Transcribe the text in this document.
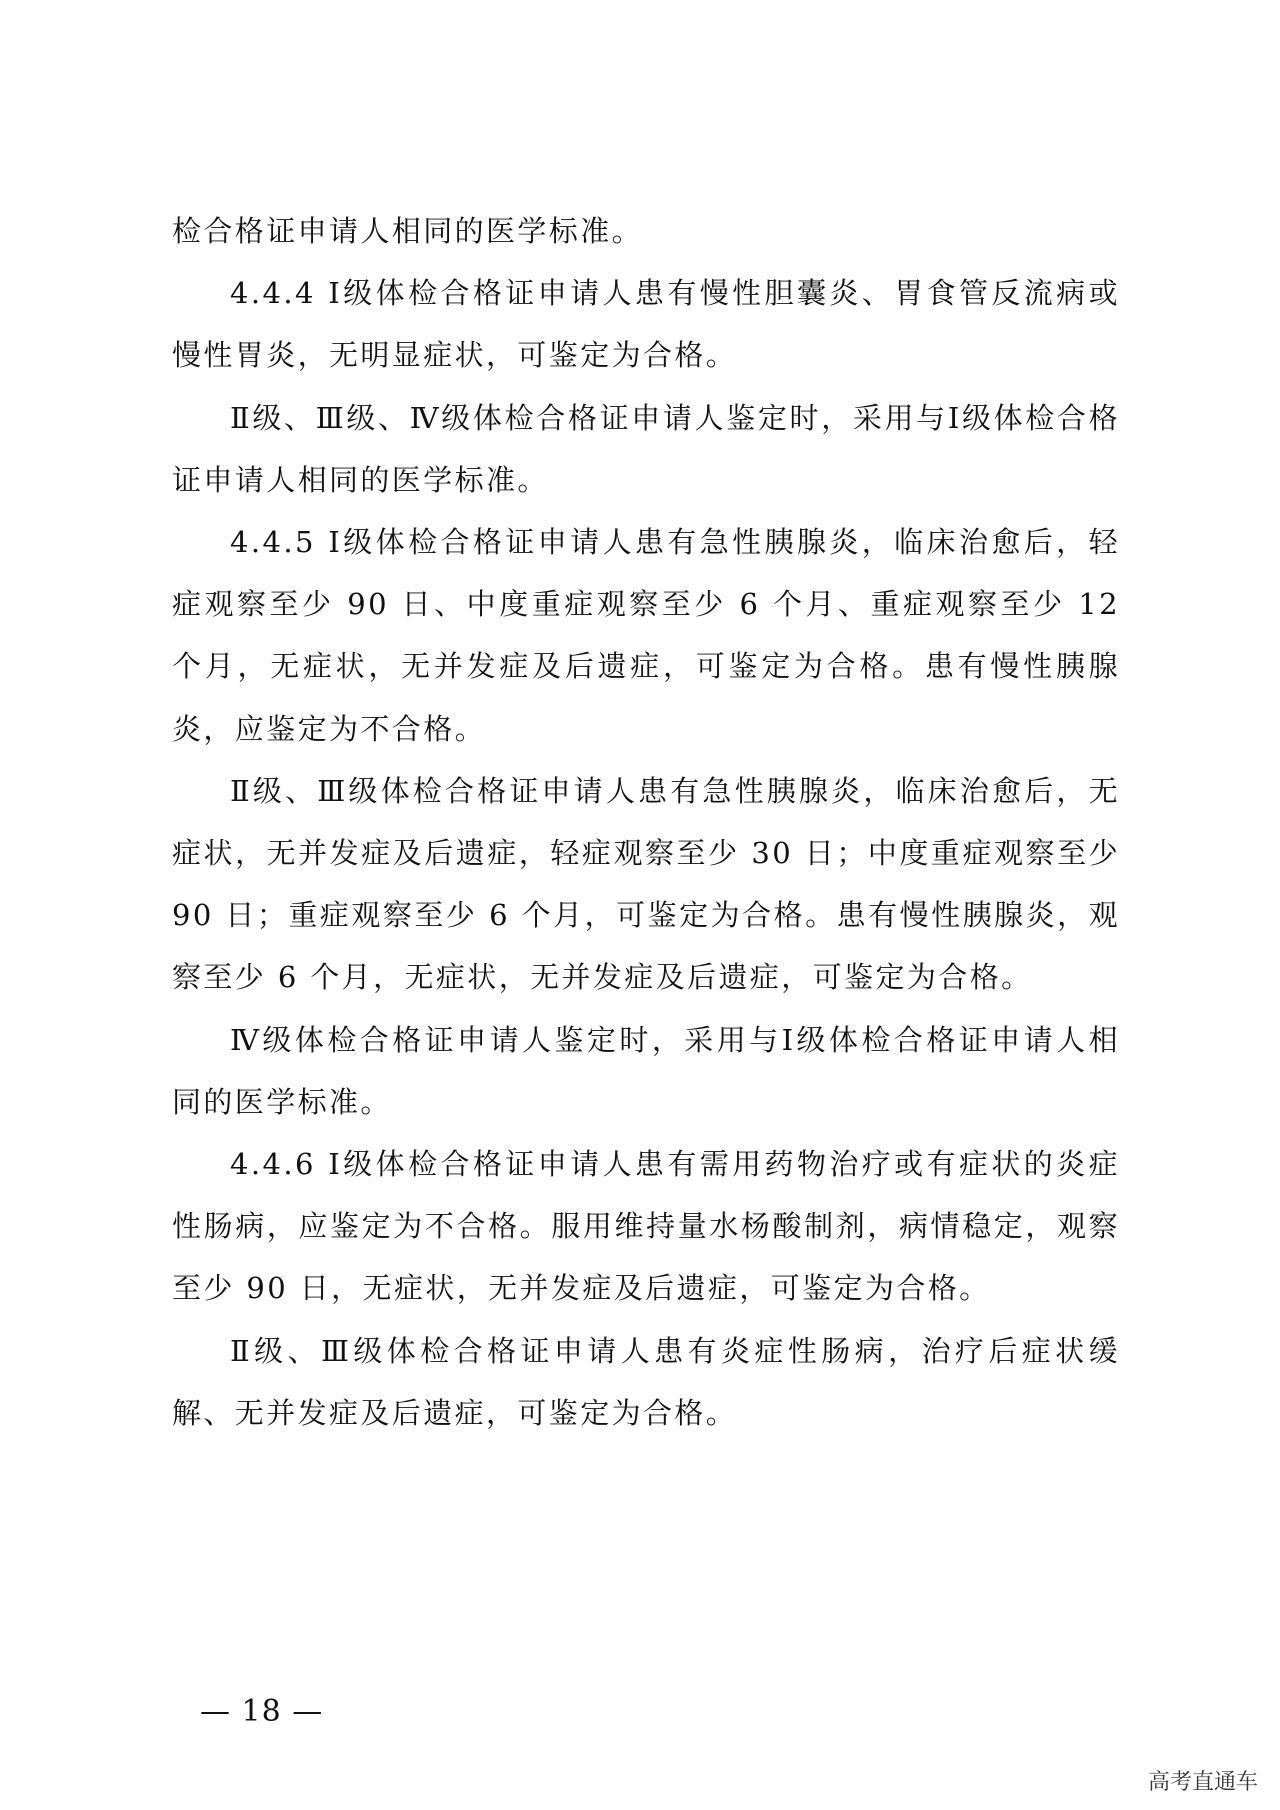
检合格证申请人相同的医学标准。

4.4.4 Ⅰ级体检合格证申请人患有慢性胆囊炎、胃食管反流病或慢性胃炎，无明显症状，可鉴定为合格。

Ⅱ级、Ⅲ级、Ⅳ级体检合格证申请人鉴定时，采用与Ⅰ级体检合格证申请人相同的医学标准。

4.4.5 Ⅰ级体检合格证申请人患有急性胰腺炎，临床治愈后，轻症观察至少 90 日、中度重症观察至少 6 个月、重症观察至少 12 个月，无症状，无并发症及后遗症，可鉴定为合格。患有慢性胰腺炎，应鉴定为不合格。

Ⅱ级、Ⅲ级体检合格证申请人患有急性胰腺炎，临床治愈后，无症状，无并发症及后遗症，轻症观察至少 30 日；中度重症观察至少 90 日；重症观察至少 6 个月，可鉴定为合格。患有慢性胰腺炎，观察至少 6 个月，无症状，无并发症及后遗症，可鉴定为合格。

Ⅳ级体检合格证申请人鉴定时，采用与Ⅰ级体检合格证申请人相同的医学标准。

4.4.6 Ⅰ级体检合格证申请人患有需用药物治疗或有症状的炎症性肠病，应鉴定为不合格。服用维持量水杨酸制剂，病情稳定，观察至少 90 日，无症状，无并发症及后遗症，可鉴定为合格。

Ⅱ级、Ⅲ级体检合格证申请人患有炎症性肠病，治疗后症状缓解、无并发症及后遗症，可鉴定为合格。

— 18 —
高考直通车
